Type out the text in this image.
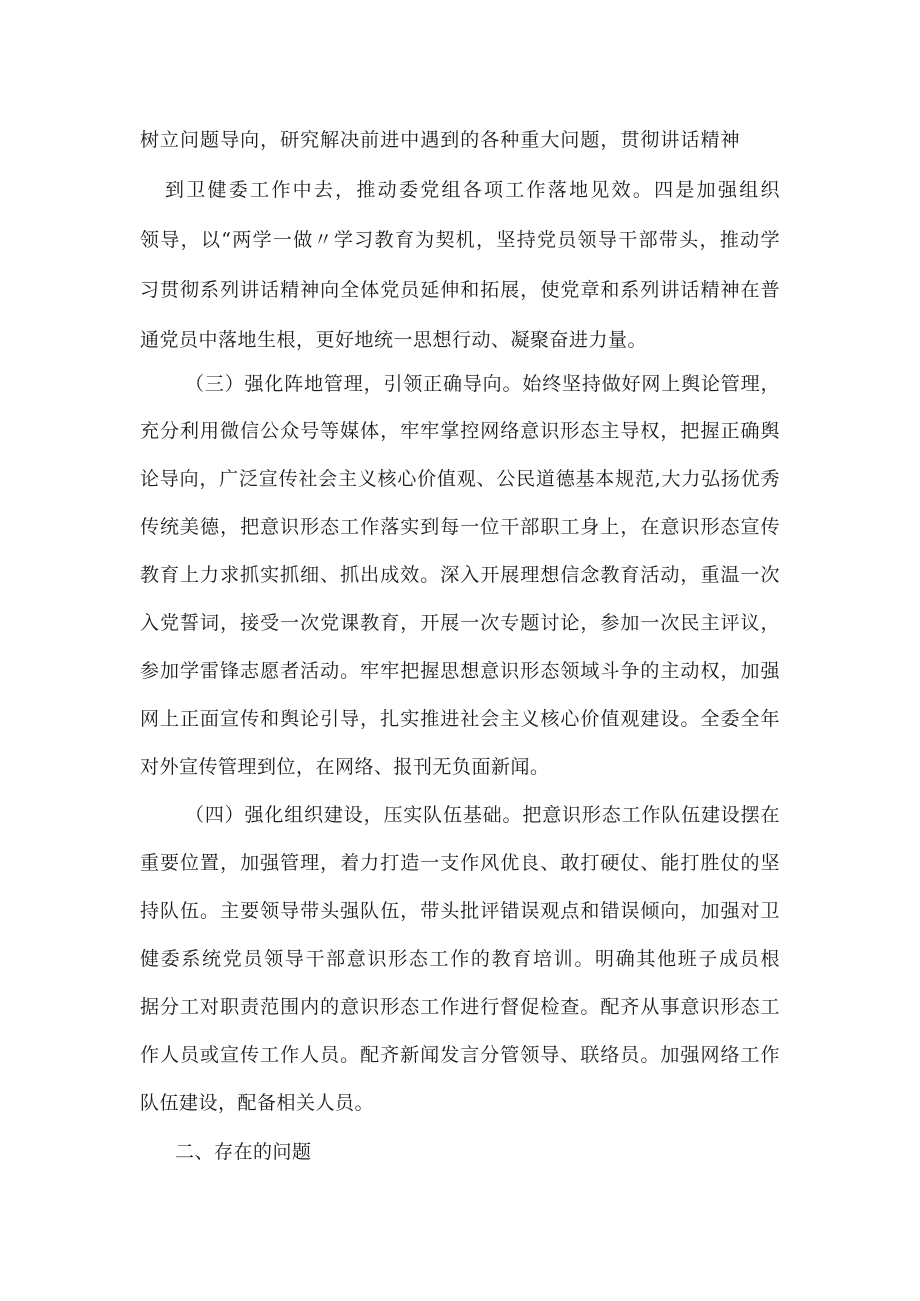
树立问题导向，研究解决前进中遇到的各种重大问题，贯彻讲话精神

到卫健委工作中去，推动委党组各项工作落地见效。四是加强组织

领导，以“两学一做〃学习教育为契机，坚持党员领导干部带头，推动学

习贯彻系列讲话精神向全体党员延伸和拓展，使党章和系列讲话精神在普

通党员中落地生根，更好地统一思想行动、凝聚奋进力量。

（三）强化阵地管理，引领正确导向。始终坚持做好网上舆论管理，

充分利用微信公众号等媒体，牢牢掌控网络意识形态主导权，把握正确舆

论导向，广泛宣传社会主义核心价值观、公民道德基本规范,大力弘扬优秀

传统美德，把意识形态工作落实到每一位干部职工身上，在意识形态宣传

教育上力求抓实抓细、抓出成效。深入开展理想信念教育活动，重温一次

入党誓词，接受一次党课教育，开展一次专题讨论，参加一次民主评议，

参加学雷锋志愿者活动。牢牢把握思想意识形态领域斗争的主动权，加强

网上正面宣传和舆论引导，扎实推进社会主义核心价值观建设。全委全年

对外宣传管理到位，在网络、报刊无负面新闻。

（四）强化组织建设，压实队伍基础。把意识形态工作队伍建设摆在

重要位置，加强管理，着力打造一支作风优良、敢打硬仗、能打胜仗的坚

持队伍。主要领导带头强队伍，带头批评错误观点和错误倾向，加强对卫

健委系统党员领导干部意识形态工作的教育培训。明确其他班子成员根

据分工对职责范围内的意识形态工作进行督促检查。配齐从事意识形态工

作人员或宣传工作人员。配齐新闻发言分管领导、联络员。加强网络工作

队伍建设，配备相关人员。

二、存在的问题
